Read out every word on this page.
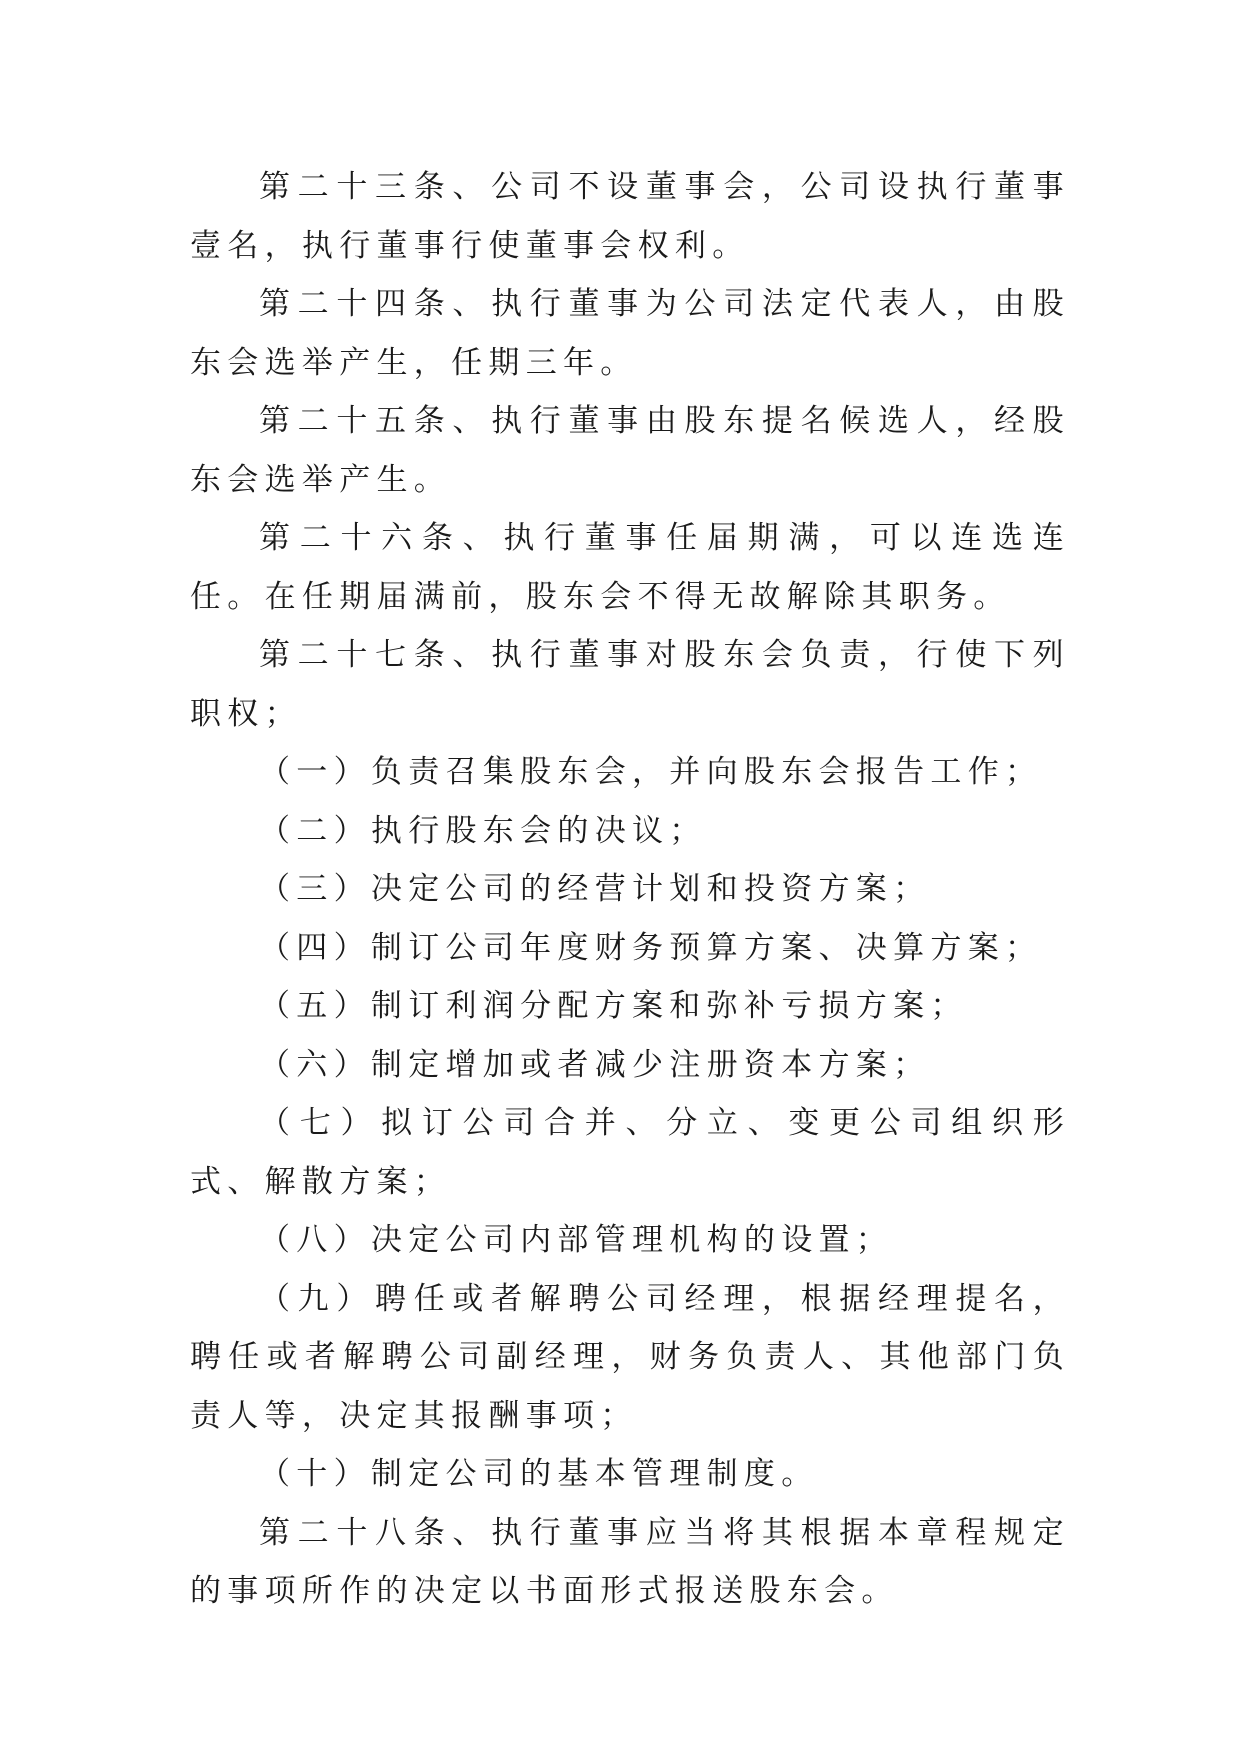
第二十三条、公司不设董事会，公司设执行董事壹名，执行董事行使董事会权利。

第二十四条、执行董事为公司法定代表人，由股东会选举产生，任期三年。

第二十五条、执行董事由股东提名候选人，经股东会选举产生。

第二十六条、执行董事任届期满，可以连选连任。在任期届满前，股东会不得无故解除其职务。

第二十七条、执行董事对股东会负责，行使下列职权；

（一）负责召集股东会，并向股东会报告工作；

（二）执行股东会的决议；

（三）决定公司的经营计划和投资方案；

（四）制订公司年度财务预算方案、决算方案；

（五）制订利润分配方案和弥补亏损方案；

（六）制定增加或者减少注册资本方案；

（七）拟订公司合并、分立、变更公司组织形式、解散方案；

（八）决定公司内部管理机构的设置；

（九）聘任或者解聘公司经理，根据经理提名，聘任或者解聘公司副经理，财务负责人、其他部门负责人等，决定其报酬事项；

（十）制定公司的基本管理制度。

第二十八条、执行董事应当将其根据本章程规定的事项所作的决定以书面形式报送股东会。
